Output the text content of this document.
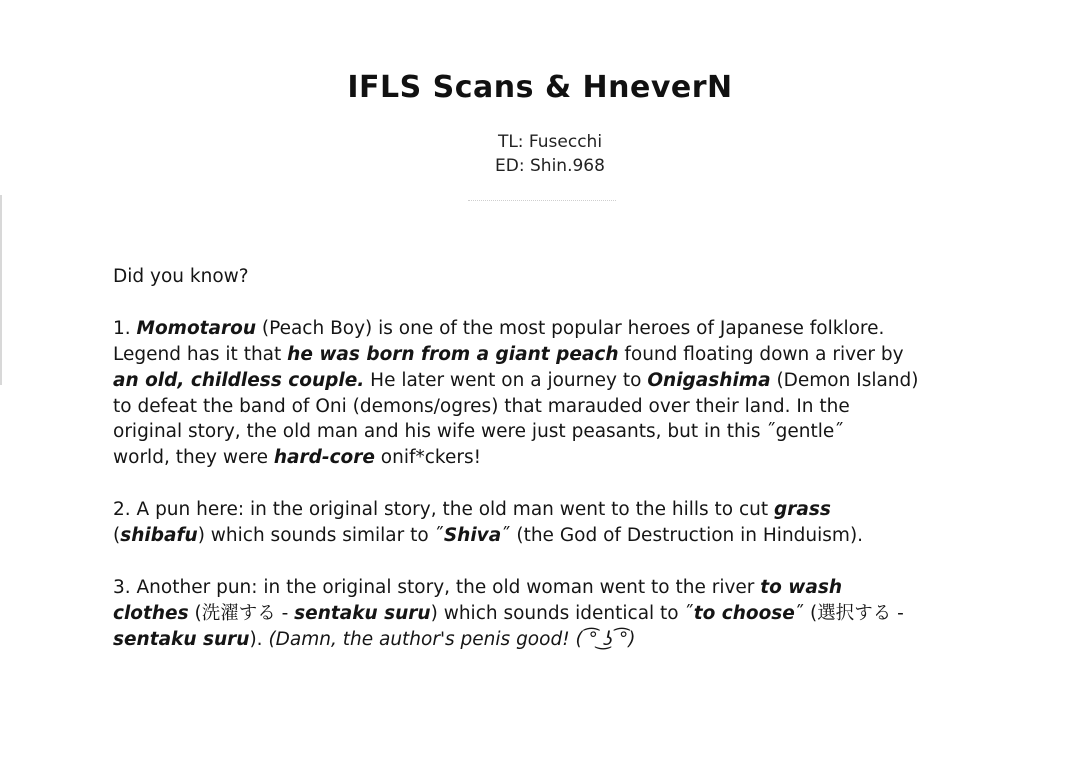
IFLS Scans & HneverN
TL: Fusecchi
ED: Shin.968
Did you know?
1. Momotarou (Peach Boy) is one of the most popular heroes of Japanese folklore.
Legend has it that he was born from a giant peach found floating down a river by
an old, childless couple. He later went on a journey to Onigashima (Demon Island)
to defeat the band of Oni (demons/ogres) that marauded over their land. In the
original story, the old man and his wife were just peasants, but in this ˝gentle˝
world, they were hard-core onif*ckers!
2. A pun here: in the original story, the old man went to the hills to cut grass
(shibafu) which sounds similar to ˝Shiva˝ (the God of Destruction in Hinduism).
3. Another pun: in the original story, the old woman went to the river to wash
clothes (洗濯する - sentaku suru) which sounds identical to ˝to choose˝ (選択する -
sentaku suru). (Damn, the author's penis good! ( ͡° ͜ʖ ͡°)
